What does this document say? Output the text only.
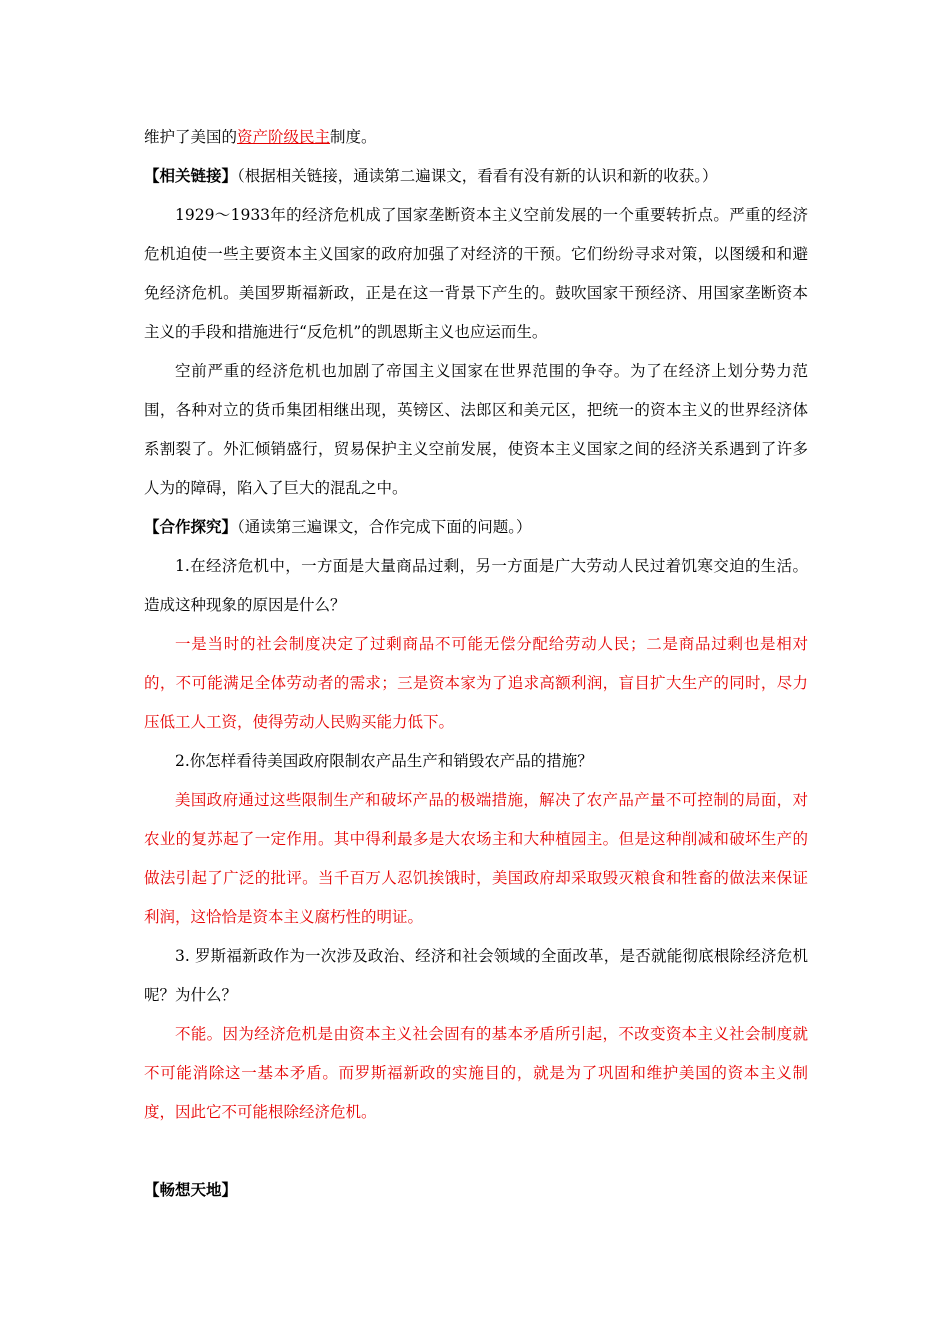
维护了美国的资产阶级民主制度。

【相关链接】（根据相关链接，通读第二遍课文，看看有没有新的认识和新的收获。）

1929～1933年的经济危机成了国家垄断资本主义空前发展的一个重要转折点。严重的经济危机迫使一些主要资本主义国家的政府加强了对经济的干预。它们纷纷寻求对策，以图缓和和避免经济危机。美国罗斯福新政，正是在这一背景下产生的。鼓吹国家干预经济、用国家垄断资本主义的手段和措施进行“反危机”的凯恩斯主义也应运而生。

空前严重的经济危机也加剧了帝国主义国家在世界范围的争夺。为了在经济上划分势力范围，各种对立的货币集团相继出现，英镑区、法郎区和美元区，把统一的资本主义的世界经济体系割裂了。外汇倾销盛行，贸易保护主义空前发展，使资本主义国家之间的经济关系遇到了许多人为的障碍，陷入了巨大的混乱之中。

【合作探究】（通读第三遍课文，合作完成下面的问题。）

1.在经济危机中，一方面是大量商品过剩，另一方面是广大劳动人民过着饥寒交迫的生活。造成这种现象的原因是什么？

一是当时的社会制度决定了过剩商品不可能无偿分配给劳动人民；二是商品过剩也是相对的，不可能满足全体劳动者的需求；三是资本家为了追求高额利润，盲目扩大生产的同时，尽力压低工人工资，使得劳动人民购买能力低下。

2.你怎样看待美国政府限制农产品生产和销毁农产品的措施？

美国政府通过这些限制生产和破坏产品的极端措施，解决了农产品产量不可控制的局面，对农业的复苏起了一定作用。其中得利最多是大农场主和大种植园主。但是这种削减和破坏生产的做法引起了广泛的批评。当千百万人忍饥挨饿时，美国政府却采取毁灭粮食和牲畜的做法来保证利润，这恰恰是资本主义腐朽性的明证。

3. 罗斯福新政作为一次涉及政治、经济和社会领域的全面改革，是否就能彻底根除经济危机呢？为什么？

不能。因为经济危机是由资本主义社会固有的基本矛盾所引起，不改变资本主义社会制度就不可能消除这一基本矛盾。而罗斯福新政的实施目的，就是为了巩固和维护美国的资本主义制度，因此它不可能根除经济危机。

【畅想天地】
